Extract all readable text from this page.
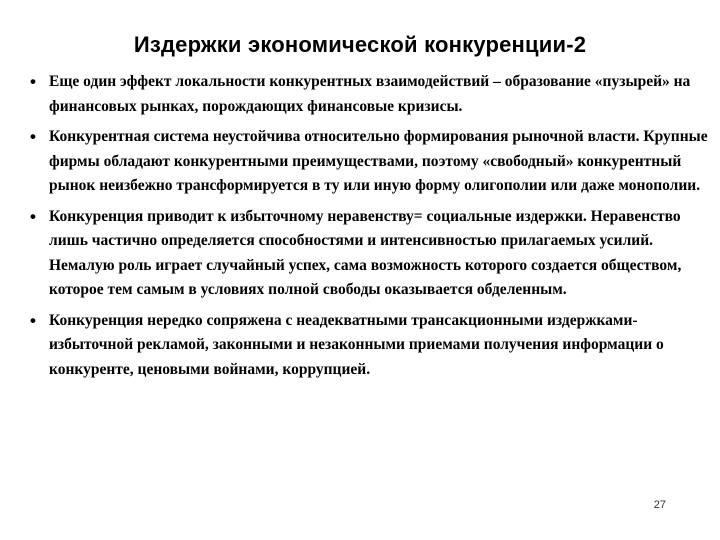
Издержки экономической конкуренции-2
• Еще один эффект локальности конкурентных взаимодействий – образование «пузырей» на финансовых рынках, порождающих финансовые кризисы.
• Конкурентная система неустойчива относительно формирования рыночной власти. Крупные фирмы обладают конкурентными преимуществами, поэтому «свободный» конкурентный рынок неизбежно трансформируется в ту или иную форму олигополии или даже монополии.
• Конкуренция приводит к избыточному неравенству= социальные издержки. Неравенство лишь частично определяется способностями и интенсивностью прилагаемых усилий. Немалую роль играет случайный успех, сама возможность которого создается обществом, которое тем самым в условиях полной свободы оказывается обделенным.
• Конкуренция нередко сопряжена с неадекватными трансакционными издержками- избыточной рекламой, законными и незаконными приемами получения информации о конкуренте, ценовыми войнами, коррупцией.
27
